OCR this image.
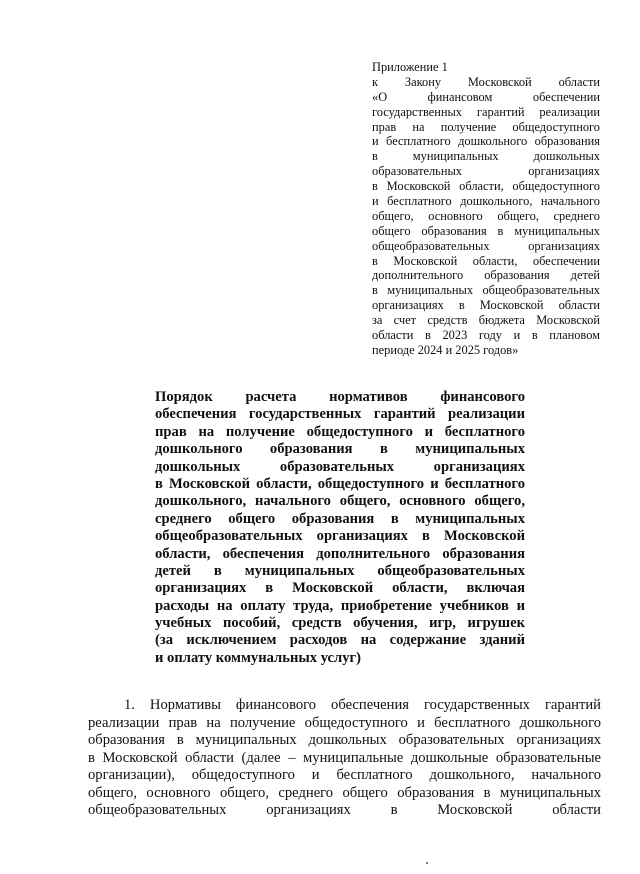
Приложение 1
к Закону Московской области
«О финансовом обеспечении
государственных гарантий реализации
прав на получение общедоступного
и бесплатного дошкольного образования
в муниципальных дошкольных
образовательных организациях
в Московской области, общедоступного
и бесплатного дошкольного, начального
общего, основного общего, среднего
общего образования в муниципальных
общеобразовательных организациях
в Московской области, обеспечении
дополнительного образования детей
в муниципальных общеобразовательных
организациях в Московской области
за счет средств бюджета Московской
области в 2023 году и в плановом
периоде 2024 и 2025 годов»
Порядок расчета нормативов финансового
обеспечения государственных гарантий реализации
прав на получение общедоступного и бесплатного
дошкольного образования в муниципальных
дошкольных образовательных организациях
в Московской области, общедоступного и бесплатного
дошкольного, начального общего, основного общего,
среднего общего образования в муниципальных
общеобразовательных организациях в Московской
области, обеспечения дополнительного образования
детей в муниципальных общеобразовательных
организациях в Московской области, включая
расходы на оплату труда, приобретение учебников и
учебных пособий, средств обучения, игр, игрушек
(за исключением расходов на содержание зданий
и оплату коммунальных услуг)
1. Нормативы финансового обеспечения государственных гарантий
реализации прав на получение общедоступного и бесплатного дошкольного
образования в муниципальных дошкольных образовательных организациях
в Московской области (далее – муниципальные дошкольные образовательные
организации), общедоступного и бесплатного дошкольного, начального
общего, основного общего, среднего общего образования в муниципальных
общеобразовательных организациях в Московской области
